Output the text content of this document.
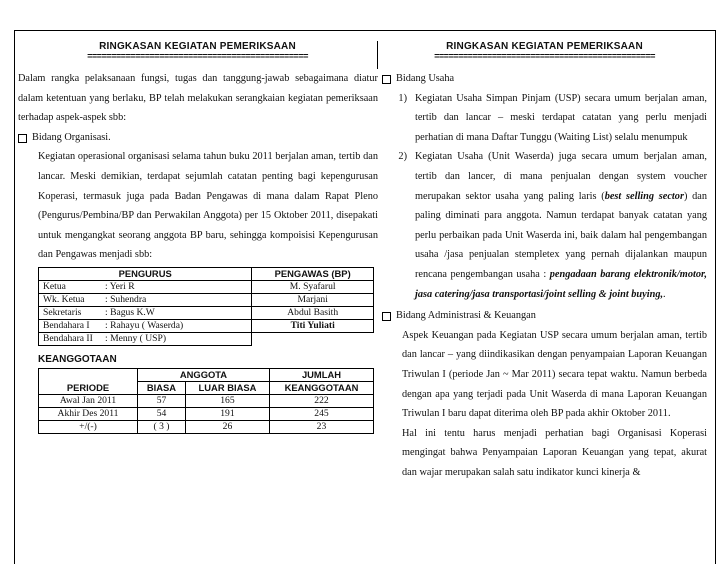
RINGKASAN KEGIATAN PEMERIKSAAN
==============================================

Dalam rangka pelaksanaan fungsi, tugas dan tanggung-jawab sebagaimana diatur dalam ketentuan yang berlaku, BP telah melakukan serangkaian kegiatan pemeriksaan terhadap aspek-aspek sbb:

Bidang Organisasi.

Kegiatan operasional organisasi selama tahun buku 2011 berjalan aman, tertib dan lancar. Meski demikian, terdapat sejumlah catatan penting bagi kepengurusan Koperasi, termasuk juga pada Badan Pengawas di mana dalam Rapat Pleno (Pengurus/Pembina/BP dan Perwakilan Anggota) per 15 Oktober 2011, disepakati untuk mengangkat seorang anggota BP baru, sehingga kompoisisi Kepengurusan dan Pengawas menjadi sbb:

PENGURUS	PENGAWAS (BP)
Ketua : Yeri R	M. Syafarul
Wk. Ketua : Suhendra	Marjani
Sekretaris : Bagus K.W	Abdul Basith
Bendahara I : Rahayu ( Waserda)	Titi Yuliati
Bendahara II : Menny ( USP)	
KEANGGOTAAN
PERIODE	ANGGOTA		JUMLAH
	BIASA	LUAR BIASA	KEANGGOTAAN
Awal Jan 2011	57	165	222
Akhir Des 2011	54	191	245
+/(-)	( 3 )	26	23
RINGKASAN KEGIATAN PEMERIKSAAN
==============================================
Bidang Usaha
1) Kegiatan Usaha Simpan Pinjam (USP) secara umum berjalan aman, tertib dan lancar – meski terdapat catatan yang perlu menjadi perhatian di mana Daftar Tunggu (Waiting List) selalu menumpuk

2) Kegiatan Usaha (Unit Waserda) juga secara umum berjalan aman, tertib dan lancer, di mana penjualan dengan system voucher merupakan sektor usaha yang paling laris (best selling sector) dan paling diminati para anggota. Namun terdapat banyak catatan yang perlu perbaikan pada Unit Waserda ini, baik dalam hal pengembangan usaha /jasa penjualan stempletex yang pernah dijalankan maupun rencana pengembangan usaha : pengadaan barang elektronik/motor, jasa catering/jasa transportasi/joint selling & joint buying,.

Bidang Administrasi & Keuangan

Aspek Keuangan pada Kegiatan USP secara umum berjalan aman, tertib dan lancar – yang diindikasikan dengan penyampaian Laporan Keuangan Triwulan I (periode Jan ~ Mar 2011) secara tepat waktu. Namun berbeda dengan apa yang terjadi pada Unit Waserda di mana Laporan Keuangan Triwulan I baru dapat diterima oleh BP pada akhir Oktober 2011.

Hal ini tentu harus menjadi perhatian bagi Organisasi Koperasi mengingat bahwa Penyampaian Laporan Keuangan yang tepat, akurat dan wajar merupakan salah satu indikator kunci kinerja &
